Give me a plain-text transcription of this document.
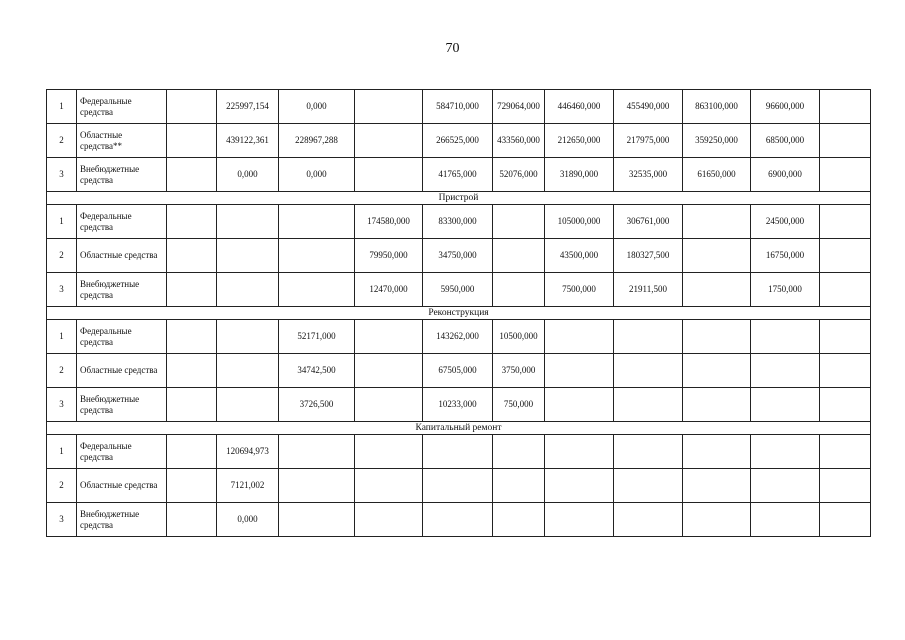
70
1	Федеральные средства		225997,154	0,000		584710,000	729064,000	446460,000	455490,000	863100,000	96600,000	
2	Областные средства**		439122,361	228967,288		266525,000	433560,000	212650,000	217975,000	359250,000	68500,000	
3	Внебюджетные средства		0,000	0,000		41765,000	52076,000	31890,000	32535,000	61650,000	6900,000	
Пристрой												
1	Федеральные средства				174580,000	83300,000		105000,000	306761,000		24500,000	
2	Областные средства				79950,000	34750,000		43500,000	180327,500		16750,000	
3	Внебюджетные средства				12470,000	5950,000		7500,000	21911,500		1750,000	
Реконструкция												
1	Федеральные средства			52171,000		143262,000	10500,000					
2	Областные средства			34742,500		67505,000	3750,000					
3	Внебюджетные средства			3726,500		10233,000	750,000					
Капитальный ремонт												
1	Федеральные средства		120694,973									
2	Областные средства		7121,002									
3	Внебюджетные средства		0,000									
